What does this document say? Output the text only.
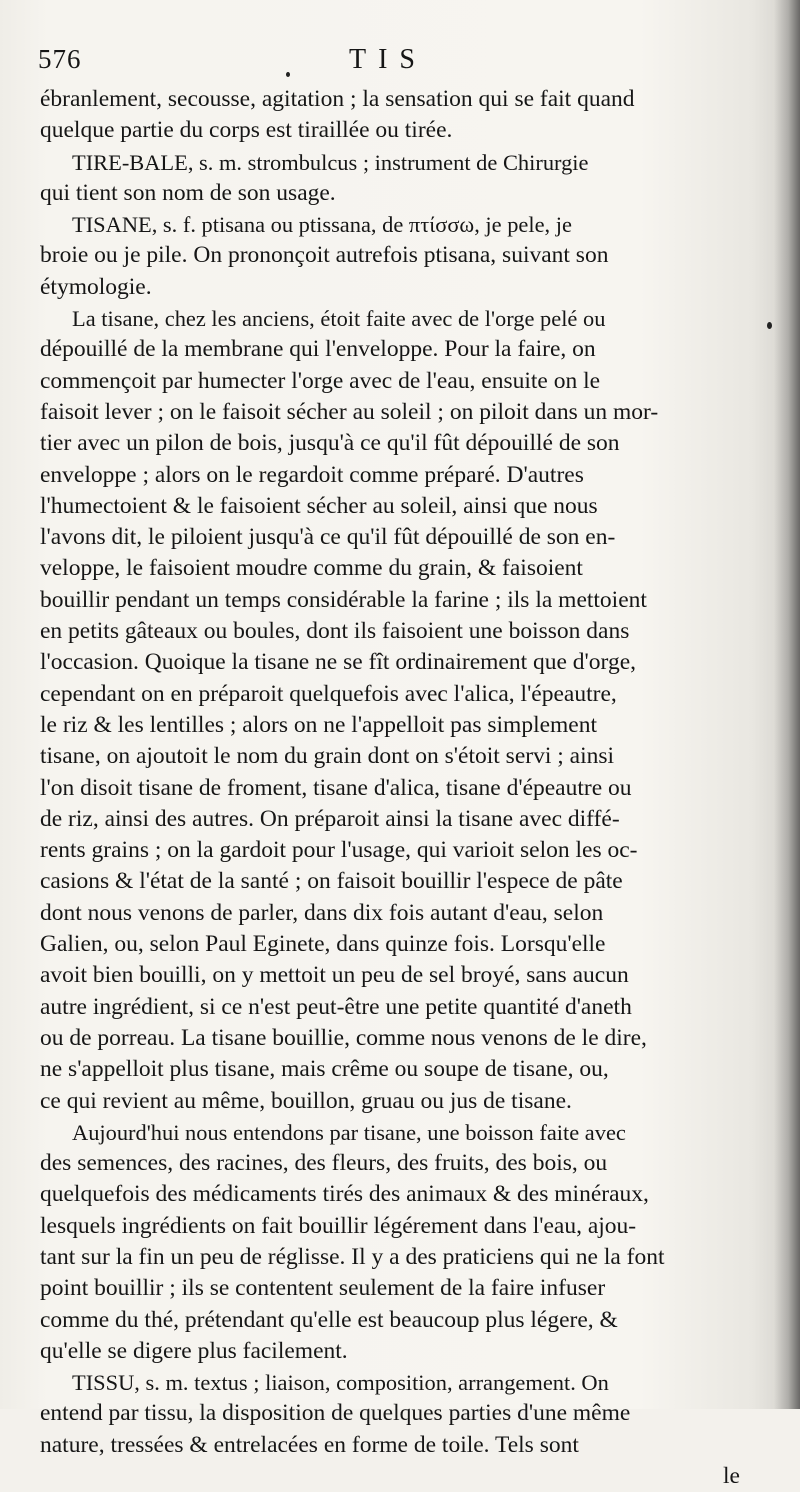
576	TIS
ébranlement, secousse, agitation ; la sensation qui se fait quand
quelque partie du corps est tiraillée ou tirée.
TIRE-BALE, s. m. strombulcus ; instrument de Chirurgie
qui tient son nom de son usage.
TISANE, s. f. ptisana ou ptissana, de πτίσσω, je pele, je
broie ou je pile. On prononçoit autrefois ptisana, suivant son
étymologie.
La tisane, chez les anciens, étoit faite avec de l'orge pelé ou
dépouillé de la membrane qui l'enveloppe. Pour la faire, on
commençoit par humecter l'orge avec de l'eau, ensuite on le
faisoit lever ; on le faisoit sécher au soleil ; on piloit dans un mor-
tier avec un pilon de bois, jusqu'à ce qu'il fût dépouillé de son
enveloppe ; alors on le regardoit comme préparé. D'autres
l'humectoient & le faisoient sécher au soleil, ainsi que nous
l'avons dit, le piloient jusqu'à ce qu'il fût dépouillé de son en-
veloppe, le faisoient moudre comme du grain, & faisoient
bouillir pendant un temps considérable la farine ; ils la mettoient
en petits gâteaux ou boules, dont ils faisoient une boisson dans
l'occasion. Quoique la tisane ne se fît ordinairement que d'orge,
cependant on en préparoit quelquefois avec l'alica, l'épeautre,
le riz & les lentilles ; alors on ne l'appelloit pas simplement
tisane, on ajoutoit le nom du grain dont on s'étoit servi ; ainsi
l'on disoit tisane de froment, tisane d'alica, tisane d'épeautre ou
de riz, ainsi des autres. On préparoit ainsi la tisane avec diffé-
rents grains ; on la gardoit pour l'usage, qui varioit selon les oc-
casions & l'état de la santé ; on faisoit bouillir l'espece de pâte
dont nous venons de parler, dans dix fois autant d'eau, selon
Galien, ou, selon Paul Eginete, dans quinze fois. Lorsqu'elle
avoit bien bouilli, on y mettoit un peu de sel broyé, sans aucun
autre ingrédient, si ce n'est peut-être une petite quantité d'aneth
ou de porreau. La tisane bouillie, comme nous venons de le dire,
ne s'appelloit plus tisane, mais crême ou soupe de tisane, ou,
ce qui revient au même, bouillon, gruau ou jus de tisane.
Aujourd'hui nous entendons par tisane, une boisson faite avec
des semences, des racines, des fleurs, des fruits, des bois, ou
quelquefois des médicaments tirés des animaux & des minéraux,
lesquels ingrédients on fait bouillir légérement dans l'eau, ajou-
tant sur la fin un peu de réglisse. Il y a des praticiens qui ne la font
point bouillir ; ils se contentent seulement de la faire infuser
comme du thé, prétendant qu'elle est beaucoup plus légere, &
qu'elle se digere plus facilement.
TISSU, s. m. textus ; liaison, composition, arrangement. On
entend par tissu, la disposition de quelques parties d'une même
nature, tressées & entrelacées en forme de toile. Tels sont
le
